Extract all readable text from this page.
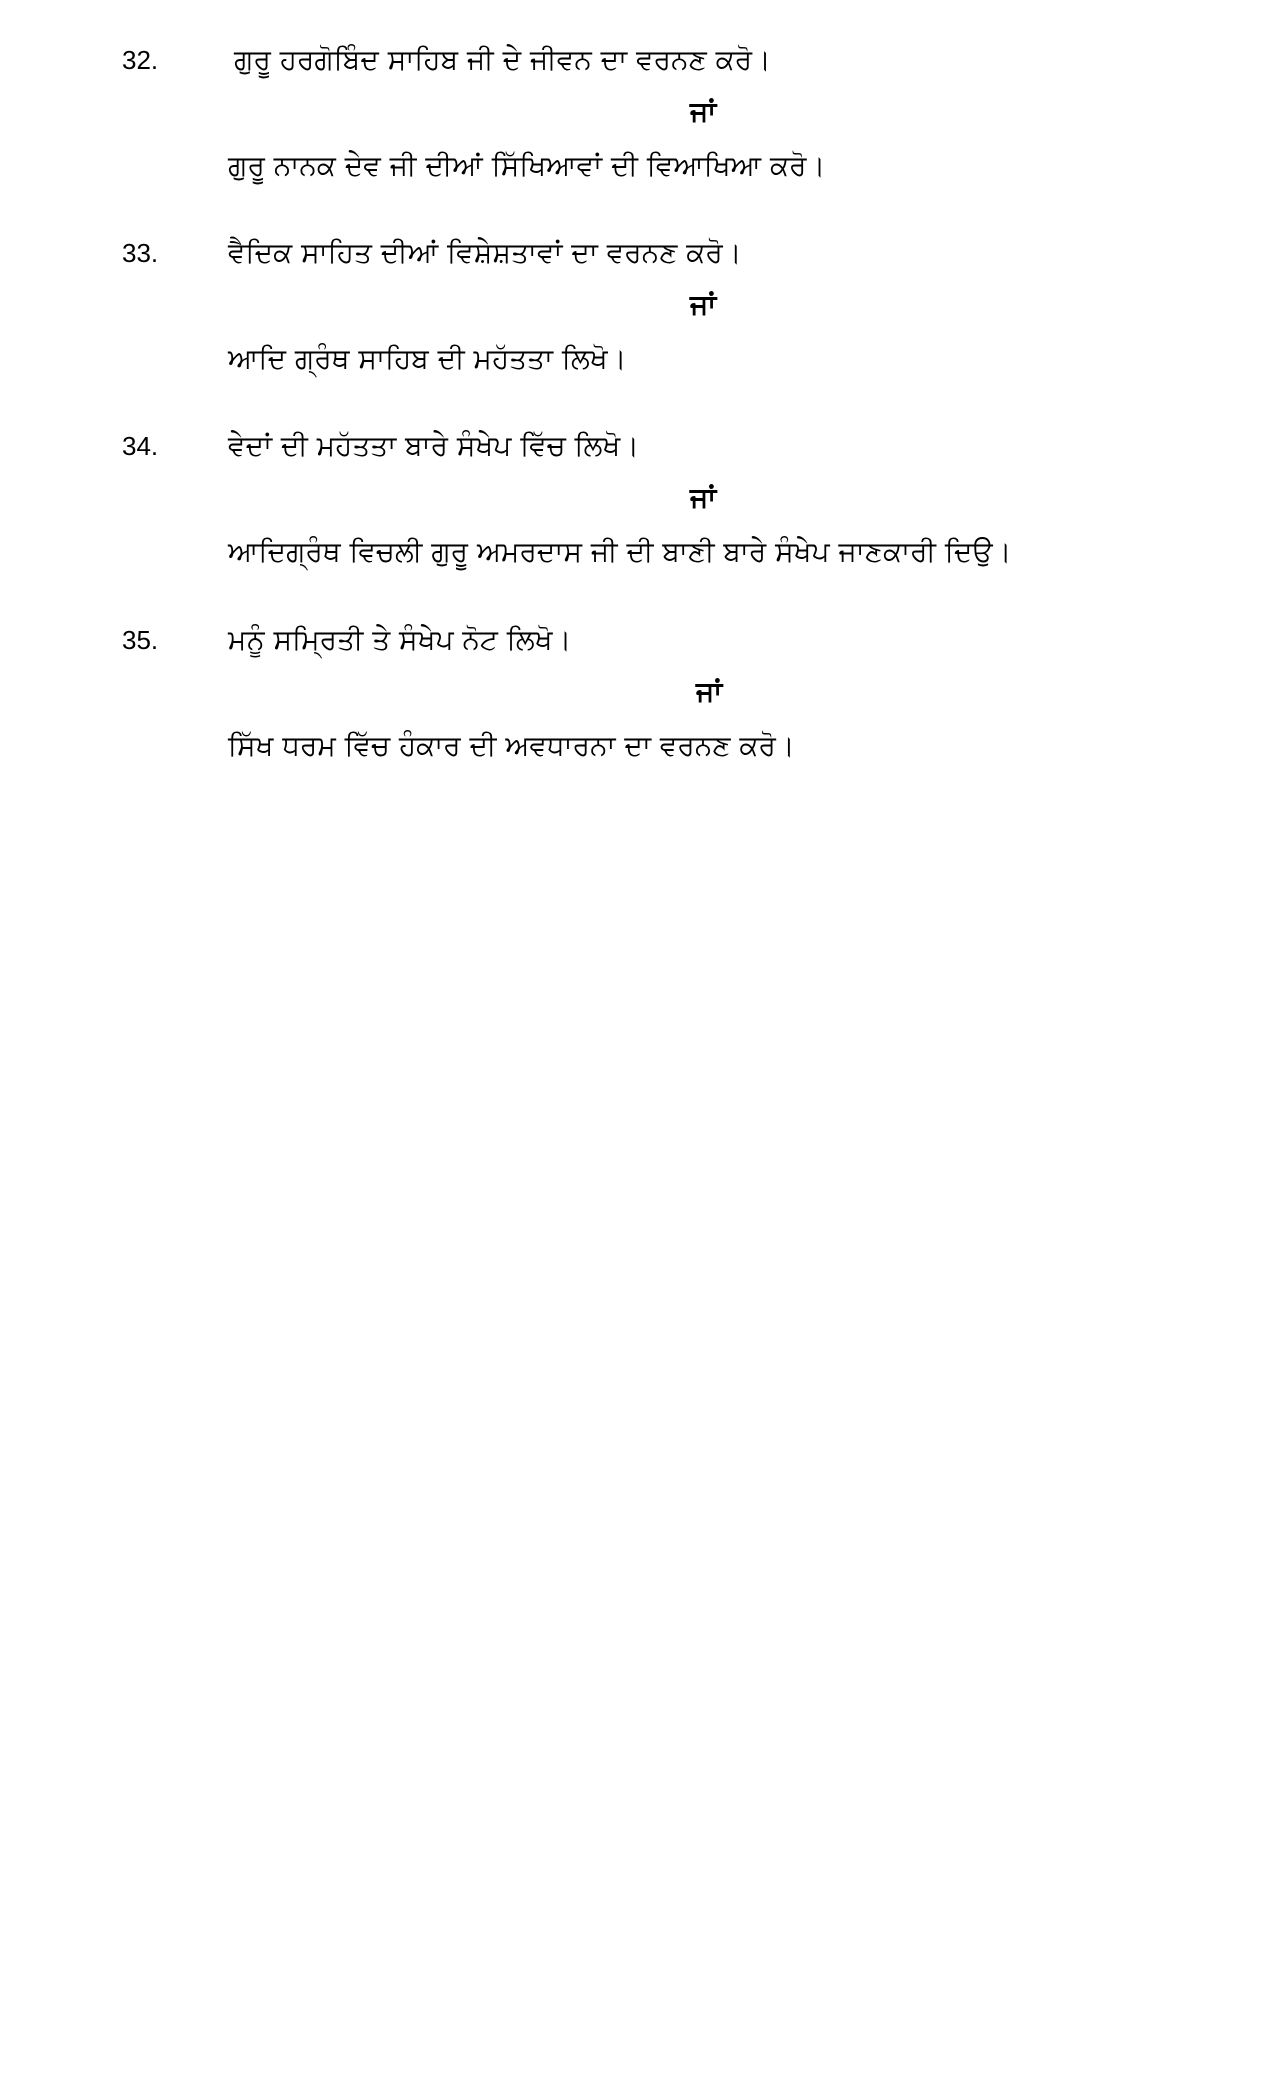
32.	ਗੁਰੂ ਹਰਗੋਬਿੰਦ ਸਾਹਿਬ ਜੀ ਦੇ ਜੀਵਨ ਦਾ ਵਰਨਣ ਕਰੋ।
ਜਾਂ
ਗੁਰੂ ਨਾਨਕ ਦੇਵ ਜੀ ਦੀਆਂ ਸਿੱਖਿਆਵਾਂ ਦੀ ਵਿਆਖਿਆ ਕਰੋ।
33. ਵੈਦਿਕ ਸਾਹਿਤ ਦੀਆਂ ਵਿਸ਼ੇਸ਼ਤਾਵਾਂ ਦਾ ਵਰਨਣ ਕਰੋ।
ਜਾਂ
ਆਦਿ ਗ੍ਰੰਥ ਸਾਹਿਬ ਦੀ ਮਹੱਤਤਾ ਲਿਖੋ।
34. ਵੇਦਾਂ ਦੀ ਮਹੱਤਤਾ ਬਾਰੇ ਸੰਖੇਪ ਵਿੱਚ ਲਿਖੋ।
ਜਾਂ
ਆਦਿਗ੍ਰੰਥ ਵਿਚਲੀ ਗੁਰੂ ਅਮਰਦਾਸ ਜੀ ਦੀ ਬਾਣੀ ਬਾਰੇ ਸੰਖੇਪ ਜਾਣਕਾਰੀ ਦਿਉ।
35. ਮਨੂੰ ਸਮ੍ਰਿਤੀ ਤੇ ਸੰਖੇਪ ਨੋਟ ਲਿਖੋ।
ਜਾਂ
ਸਿੱਖ ਧਰਮ ਵਿੱਚ ਹੰਕਾਰ ਦੀ ਅਵਧਾਰਨਾ ਦਾ ਵਰਨਣ ਕਰੋ।
